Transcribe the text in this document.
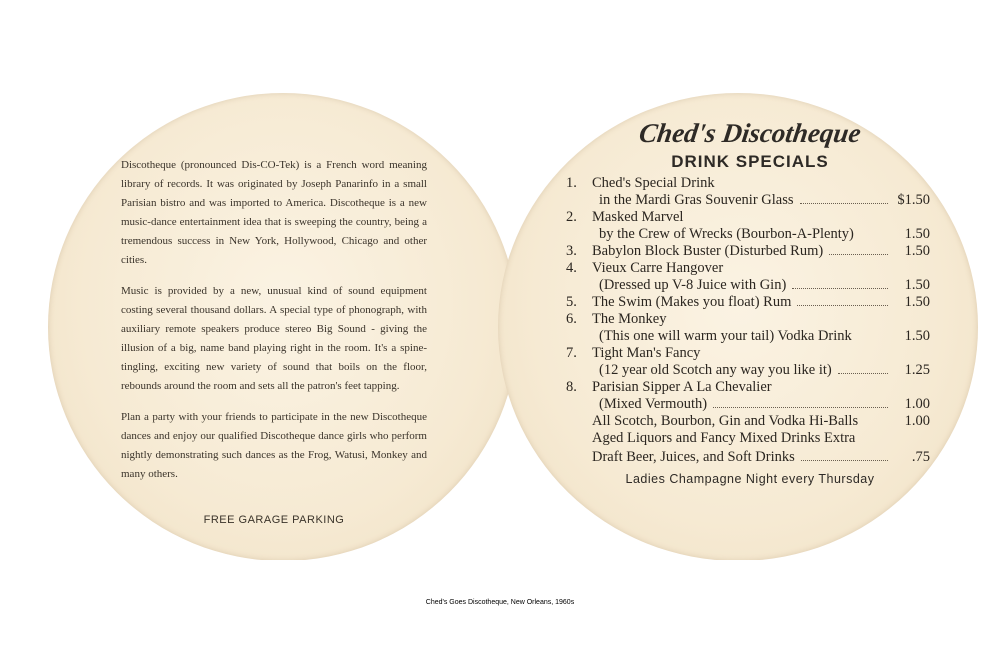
Discotheque (pronounced Dis-CO-Tek) is a French word meaning library of records. It was originated by Joseph Panarinfo in a small Parisian bistro and was imported to America. Discotheque is a new music-dance entertainment idea that is sweeping the country, being a tremendous success in New York, Hollywood, Chicago and other cities.

Music is provided by a new, unusual kind of sound equipment costing several thousand dollars. A special type of phonograph, with auxiliary remote speakers produce stereo Big Sound - giving the illusion of a big, name band playing right in the room. It's a spine-tingling, exciting new variety of sound that boils on the floor, rebounds around the room and sets all the patron's feet tapping.

Plan a party with your friends to participate in the new Discotheque dances and enjoy our qualified Discotheque dance girls who perform nightly demonstrating such dances as the Frog, Watusi, Monkey and many others.

FREE GARAGE PARKING
Ched's Discotheque
DRINK SPECIALS
1.	Ched's Special Drink
in the Mardi Gras Souvenir Glass	$1.50
2.	Masked Marvel
by the Crew of Wrecks (Bourbon-A-Plenty)	1.50
3.	Babylon Block Buster (Disturbed Rum)	1.50
4.	Vieux Carre Hangover
(Dressed up V-8 Juice with Gin)	1.50
5.	The Swim (Makes you float) Rum	1.50
6.	The Monkey
(This one will warm your tail) Vodka Drink	1.50
7.	Tight Man's Fancy
(12 year old Scotch any way you like it)	1.25
8.	Parisian Sipper A La Chevalier
(Mixed Vermouth)	1.00
All Scotch, Bourbon, Gin and Vodka Hi-Balls	1.00
Aged Liquors and Fancy Mixed Drinks Extra
Draft Beer, Juices, and Soft Drinks	.75
Ladies Champagne Night every Thursday
Ched's Goes Discotheque, New Orleans, 1960s
